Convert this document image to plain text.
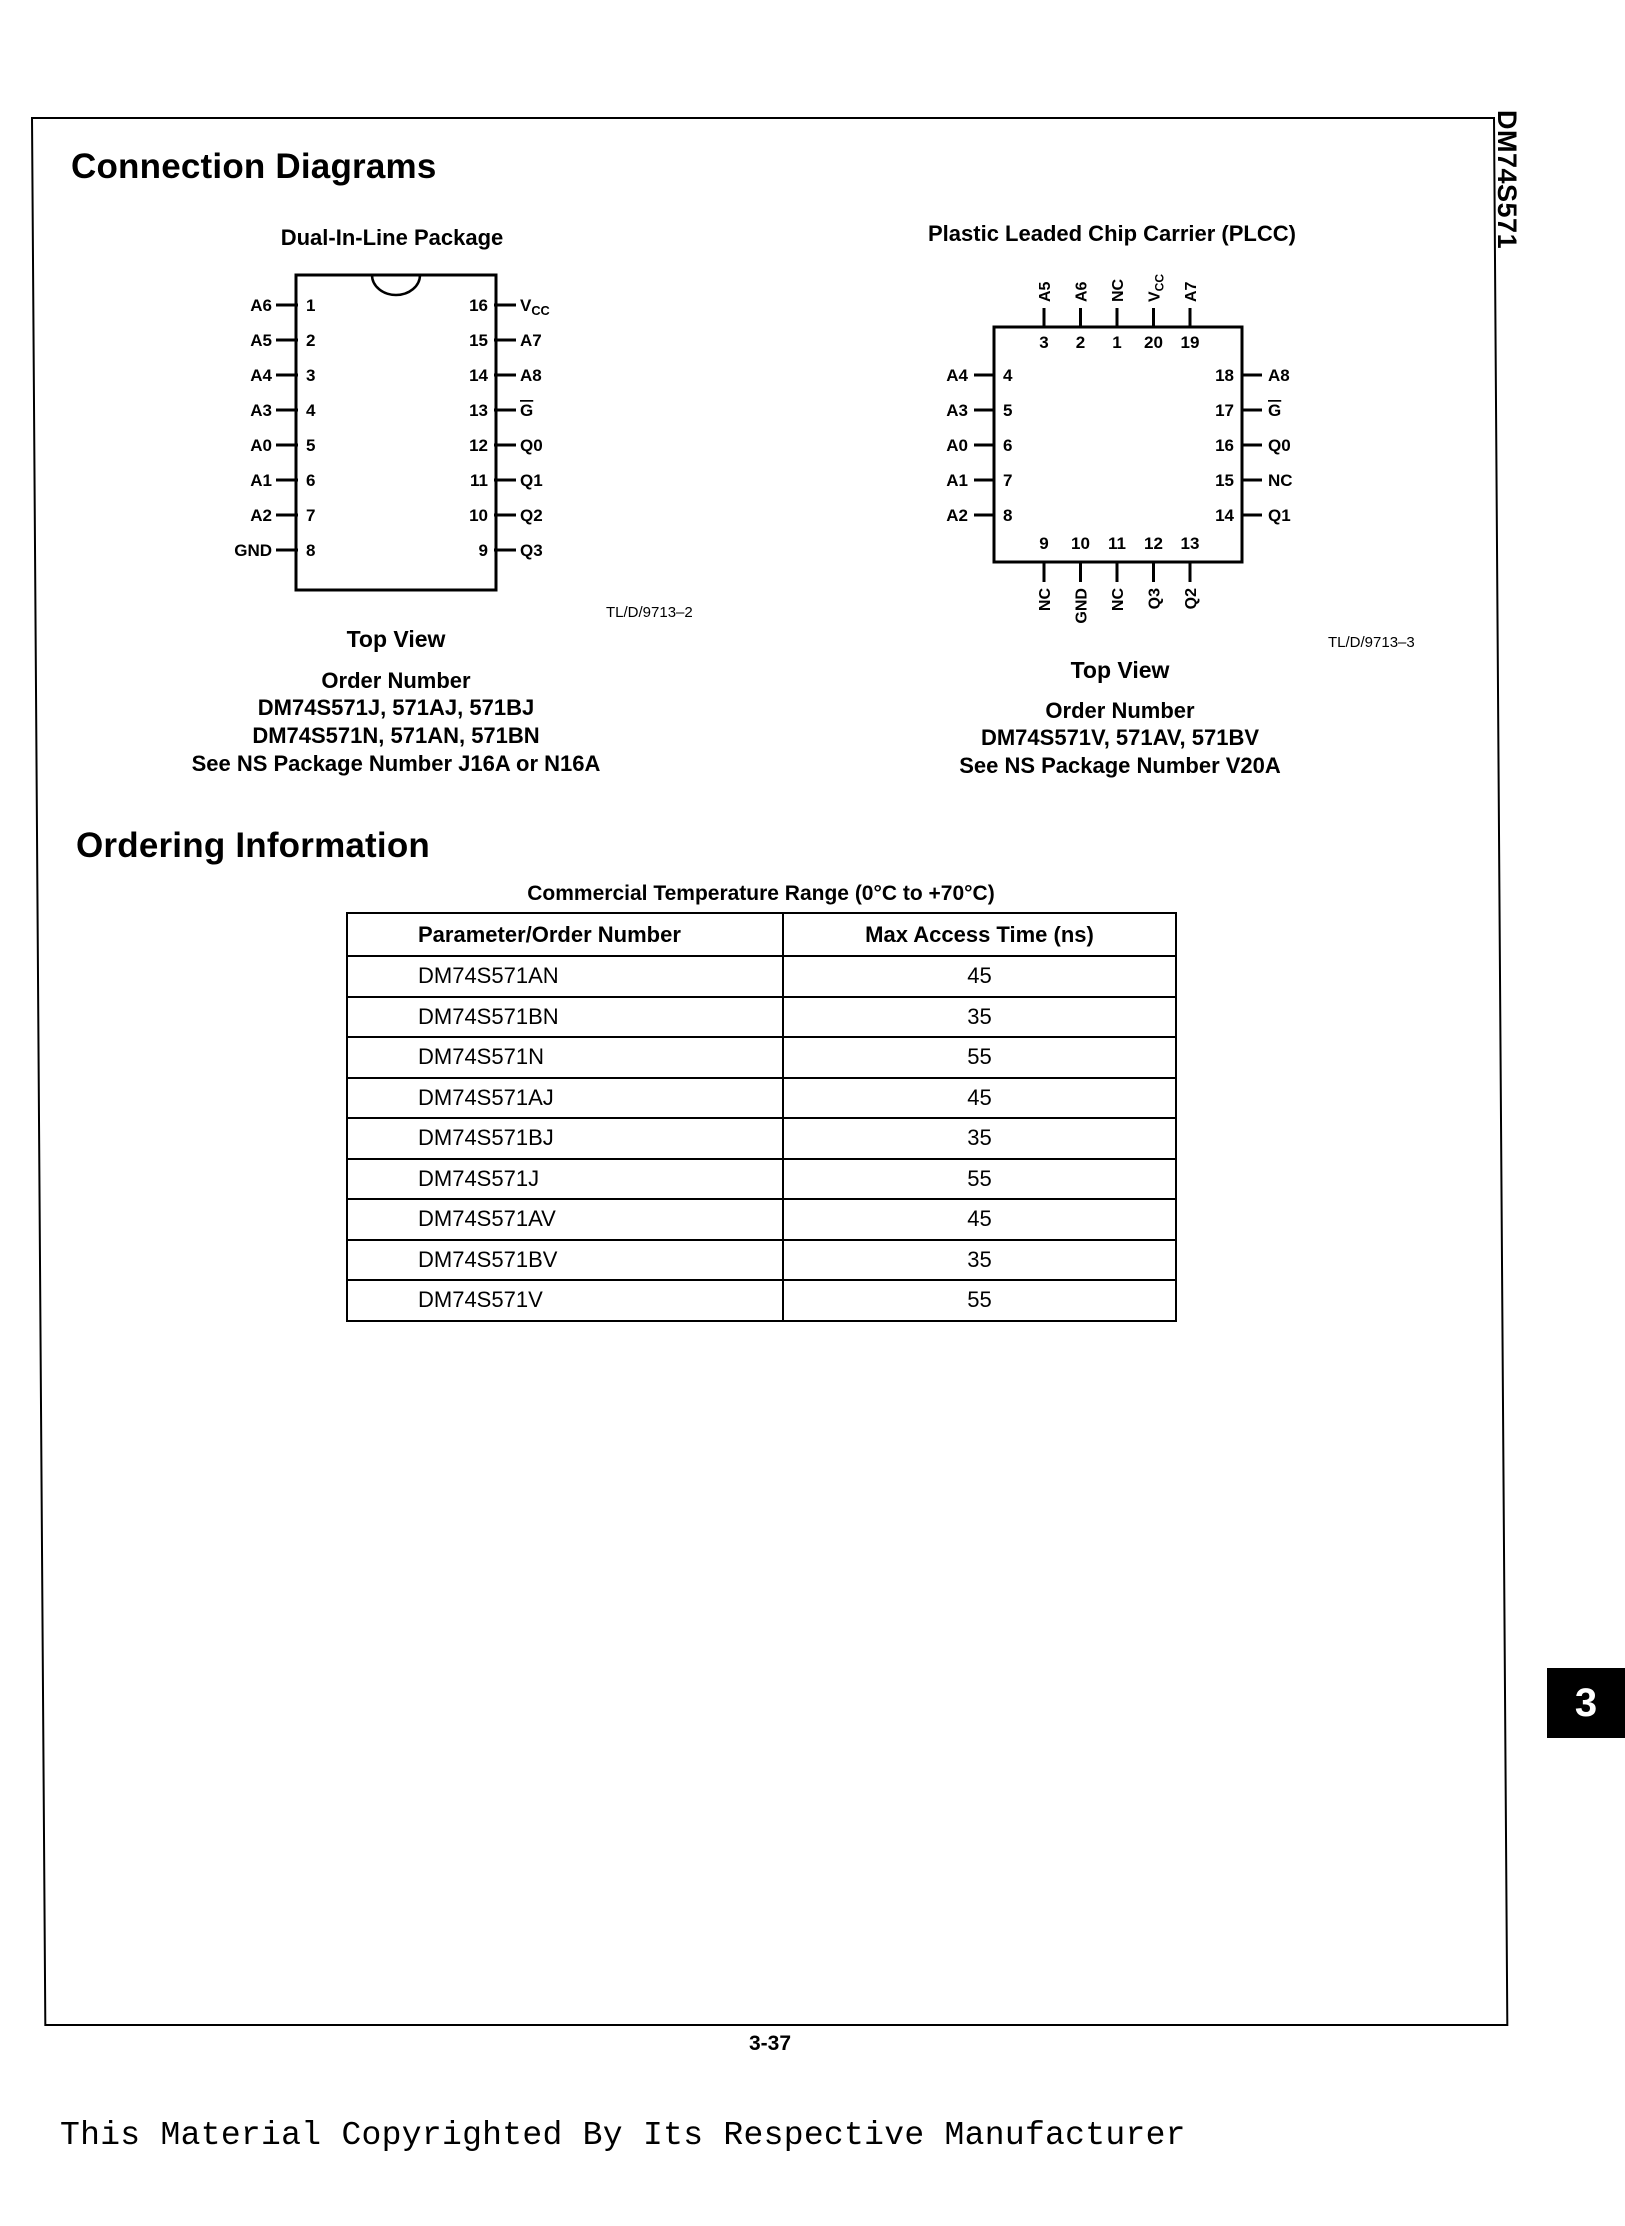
DM74S571
3
Connection Diagrams
Dual-In-Line Package
A6 1
A5 2
A4 3
A3 4
A0 5
A1 6
A2 7
GND 8
$V_{CC}$
16
A7
15
A8
14
G
13
Q0
12
Q1
11
Q2
10
Q3
9
TL/D/9713–2
Top View
Order Number
DM74S571J, 571AJ, 571BJ
DM74S571N, 571AN, 571BN
See NS Package Number J16A or N16A
Plastic Leaded Chip Carrier (PLCC)
A5
3
A6
2
NC
1
$V_{CC}$
20
A7
19
A4 4
A3 5
A0 6
A1 7
A2 8
A8
18
G
17
Q0
16
NC
15
Q1
14
9
NC
10
GND
11
NC
12
Q3
13
Q2
TL/D/9713–3
Top View
Order Number
DM74S571V, 571AV, 571BV
See NS Package Number V20A
Ordering Information
Commercial Temperature Range (0°C to +70°C)
Parameter/Order Number	Max Access Time (ns)
DM74S571AN	45
DM74S571BN	35
DM74S571N	55
DM74S571AJ	45
DM74S571BJ	35
DM74S571J	55
DM74S571AV	45
DM74S571BV	35
DM74S571V	55
3-37
This Material Copyrighted By Its Respective Manufacturer
